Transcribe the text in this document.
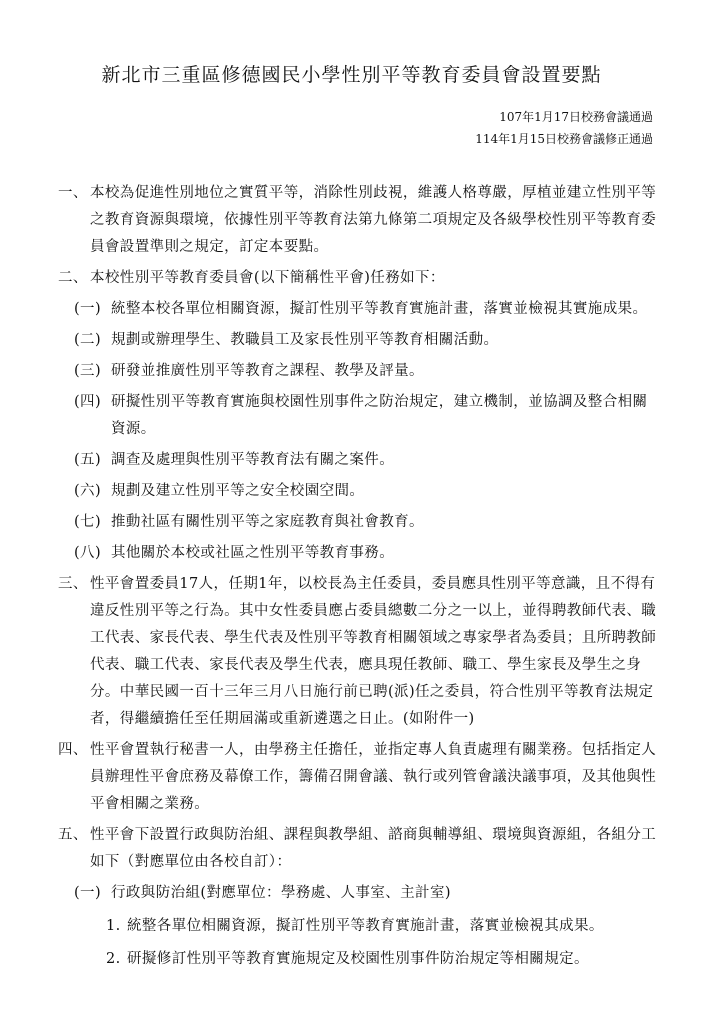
新北市三重區修德國民小學性別平等教育委員會設置要點
107年1月17日校務會議通過
114年1月15日校務會議修正通過
一、 本校為促進性別地位之實質平等，消除性別歧視，維護人格尊嚴，厚植並建立性別平等之教育資源與環境，依據性別平等教育法第九條第二項規定及各級學校性別平等教育委員會設置準則之規定，訂定本要點。
二、 本校性別平等教育委員會(以下簡稱性平會)任務如下：
(一) 統整本校各單位相關資源，擬訂性別平等教育實施計畫，落實並檢視其實施成果。
(二) 規劃或辦理學生、教職員工及家長性別平等教育相關活動。
(三) 研發並推廣性別平等教育之課程、教學及評量。
(四) 研擬性別平等教育實施與校園性別事件之防治規定，建立機制，並協調及整合相關資源。
(五) 調查及處理與性別平等教育法有關之案件。
(六) 規劃及建立性別平等之安全校園空間。
(七) 推動社區有關性別平等之家庭教育與社會教育。
(八) 其他關於本校或社區之性別平等教育事務。
三、 性平會置委員17人，任期1年，以校長為主任委員，委員應具性別平等意識，且不得有違反性別平等之行為。其中女性委員應占委員總數二分之一以上，並得聘教師代表、職工代表、家長代表、學生代表及性別平等教育相關領域之專家學者為委員；且所聘教師代表、職工代表、家長代表及學生代表，應具現任教師、職工、學生家長及學生之身分。中華民國一百十三年三月八日施行前已聘(派)任之委員，符合性別平等教育法規定者，得繼續擔任至任期屆滿或重新遴選之日止。(如附件一)
四、 性平會置執行秘書一人，由學務主任擔任，並指定專人負責處理有關業務。包括指定人員辦理性平會庶務及幕僚工作，籌備召開會議、執行或列管會議決議事項，及其他與性平會相關之業務。
五、 性平會下設置行政與防治組、課程與教學組、諮商與輔導組、環境與資源組，各組分工如下（對應單位由各校自訂）：
(一) 行政與防治組(對應單位：學務處、人事室、主計室)
1. 統整各單位相關資源，擬訂性別平等教育實施計畫，落實並檢視其成果。
2. 研擬修訂性別平等教育實施規定及校園性別事件防治規定等相關規定。
